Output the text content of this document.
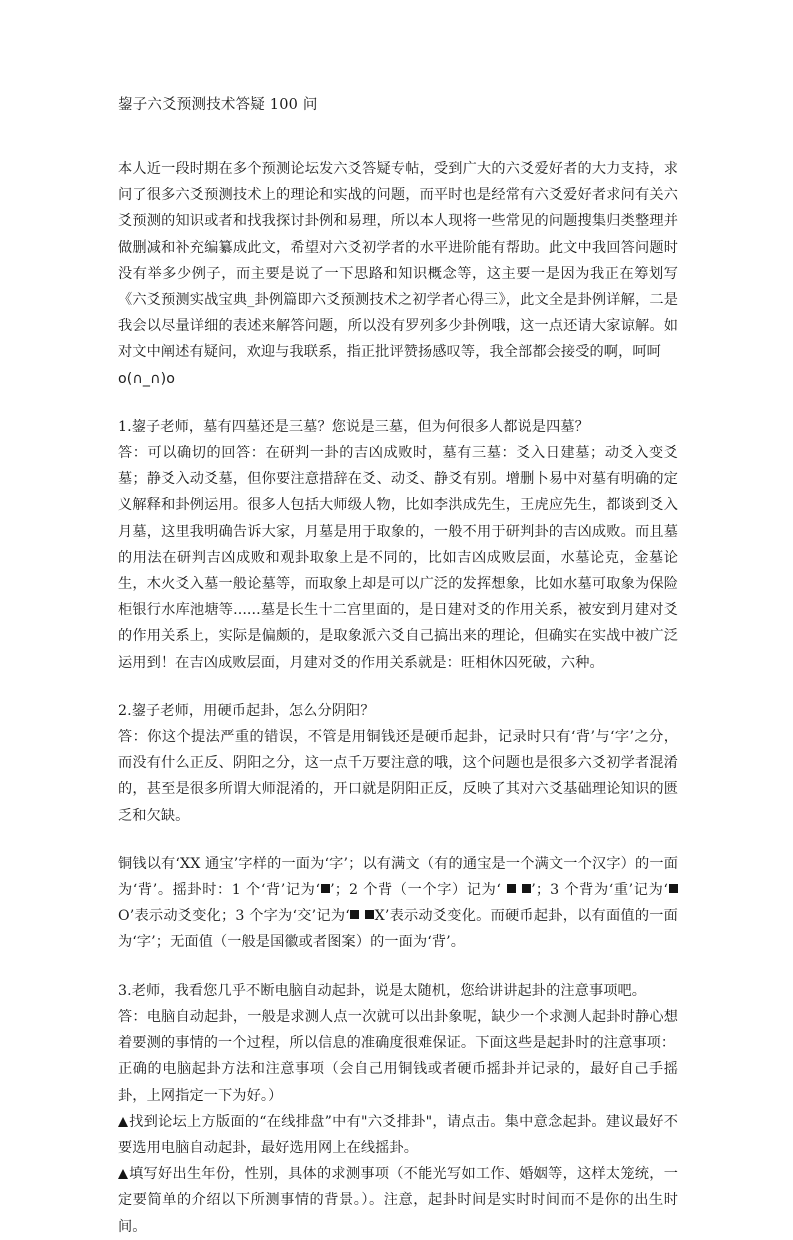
鋆子六爻预测技术答疑 100 问

本人近一段时期在多个预测论坛发六爻答疑专帖，受到广大的六爻爱好者的大力支持，求问了很多六爻预测技术上的理论和实战的问题，而平时也是经常有六爻爱好者求问有关六爻预测的知识或者和找我探讨卦例和易理，所以本人现将一些常见的问题搜集归类整理并做删减和补充编纂成此文，希望对六爻初学者的水平进阶能有帮助。此文中我回答问题时没有举多少例子，而主要是说了一下思路和知识概念等，这主要一是因为我正在筹划写《六爻预测实战宝典_卦例篇即六爻预测技术之初学者心得三》，此文全是卦例详解，二是我会以尽量详细的表述来解答问题，所以没有罗列多少卦例哦，这一点还请大家谅解。如对文中阐述有疑问，欢迎与我联系，指正批评赞扬感叹等，我全部都会接受的啊，呵呵

o(∩_∩)o

1.鋆子老师，墓有四墓还是三墓？您说是三墓，但为何很多人都说是四墓？

答：可以确切的回答：在研判一卦的吉凶成败时，墓有三墓：爻入日建墓；动爻入变爻墓；静爻入动爻墓，但你要注意措辞在爻、动爻、静爻有别。增删卜易中对墓有明确的定义解释和卦例运用。很多人包括大师级人物，比如李洪成先生，王虎应先生，都谈到爻入月墓，这里我明确告诉大家，月墓是用于取象的，一般不用于研判卦的吉凶成败。而且墓的用法在研判吉凶成败和观卦取象上是不同的，比如吉凶成败层面，水墓论克，金墓论生，木火爻入墓一般论墓等，而取象上却是可以广泛的发挥想象，比如水墓可取象为保险柜银行水库池塘等......墓是长生十二宫里面的，是日建对爻的作用关系，被安到月建对爻的作用关系上，实际是偏颇的，是取象派六爻自己搞出来的理论，但确实在实战中被广泛运用到！在吉凶成败层面，月建对爻的作用关系就是：旺相休囚死破，六种。

2.鋆子老师，用硬币起卦，怎么分阴阳？

答：你这个提法严重的错误，不管是用铜钱还是硬币起卦，记录时只有‘背’与‘字’之分，而没有什么正反、阴阳之分，这一点千万要注意的哦，这个问题也是很多六爻初学者混淆的，甚至是很多所谓大师混淆的，开口就是阴阳正反，反映了其对六爻基础理论知识的匮乏和欠缺。

铜钱以有‘XX 通宝’字样的一面为‘字’；以有满文（有的通宝是一个满文一个汉字）的一面为‘背’。摇卦时：1 个‘背’记为‘ ’；2 个背（一个字）记为‘  ’；3 个背为‘重’记为‘O’表示动爻变化；3 个字为‘交’记为‘ X’表示动爻变化。而硬币起卦，以有面值的一面为‘字’；无面值（一般是国徽或者图案）的一面为‘背’。

3.老师，我看您几乎不断电脑自动起卦，说是太随机，您给讲讲起卦的注意事项吧。

答：电脑自动起卦，一般是求测人点一次就可以出卦象呢，缺少一个求测人起卦时静心想着要测的事情的一个过程，所以信息的准确度很难保证。下面这些是起卦时的注意事项：

正确的电脑起卦方法和注意事项（会自己用铜钱或者硬币摇卦并记录的，最好自己手摇卦，上网指定一下为好。）

找到论坛上方版面的“在线排盘”中有"六爻排卦"，请点击。集中意念起卦。建议最好不要选用电脑自动起卦，最好选用网上在线摇卦。

填写好出生年份，性别，具体的求测事项（不能光写如工作、婚姻等，这样太笼统，一定要简单的介绍以下所测事情的背景。）。注意，起卦时间是实时时间而不是你的出生时间。
